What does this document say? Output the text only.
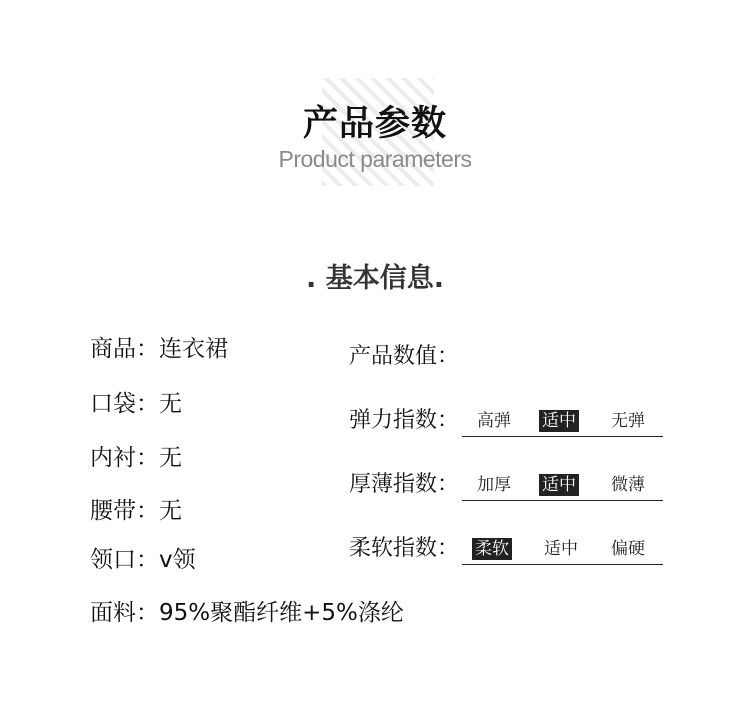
产品参数
Product parameters
. 基本信息.
商品：连衣裙
口袋：无
内衬：无
腰带：无
领口：v领
面料：95%聚酯纤维+5%涤纶
产品数值：
弹力指数： 高弹 适中 无弹
厚薄指数： 加厚 适中 微薄
柔软指数： 柔软 适中 偏硬
